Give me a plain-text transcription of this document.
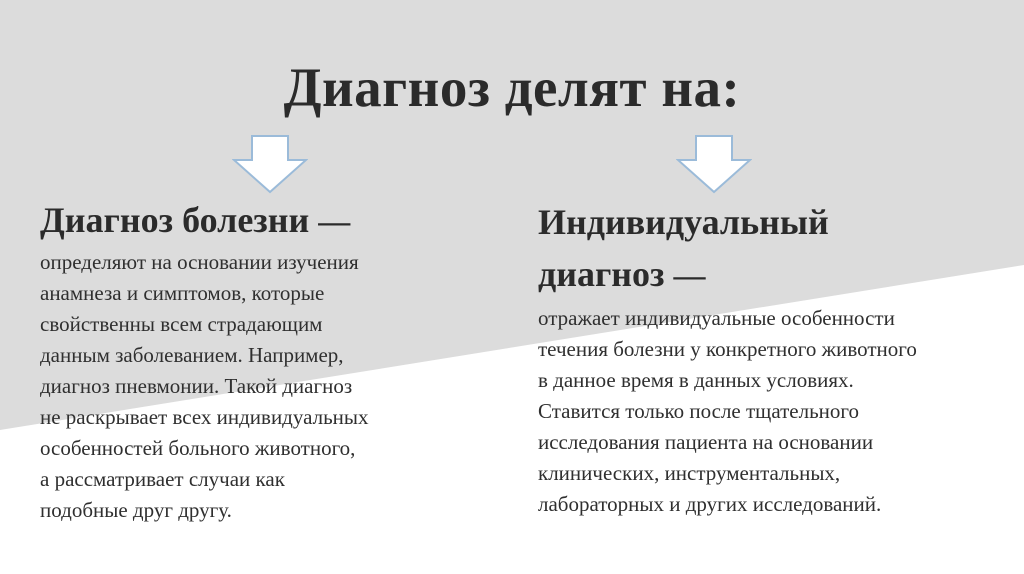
Диагноз делят на:

Диагноз болезни —

определяют на основании изучения
анамнеза и симптомов, которые
свойственны всем страдающим
данным заболеванием. Например,
диагноз пневмонии. Такой диагноз
не раскрывает всех индивидуальных
особенностей больного животного,
а рассматривает случаи как
подобные друг другу.

Индивидуальный
диагноз —

отражает индивидуальные особенности
течения болезни у конкретного животного
в данное время в данных условиях.
Ставится только после тщательного
исследования пациента на основании
клинических, инструментальных,
лабораторных и других исследований.
